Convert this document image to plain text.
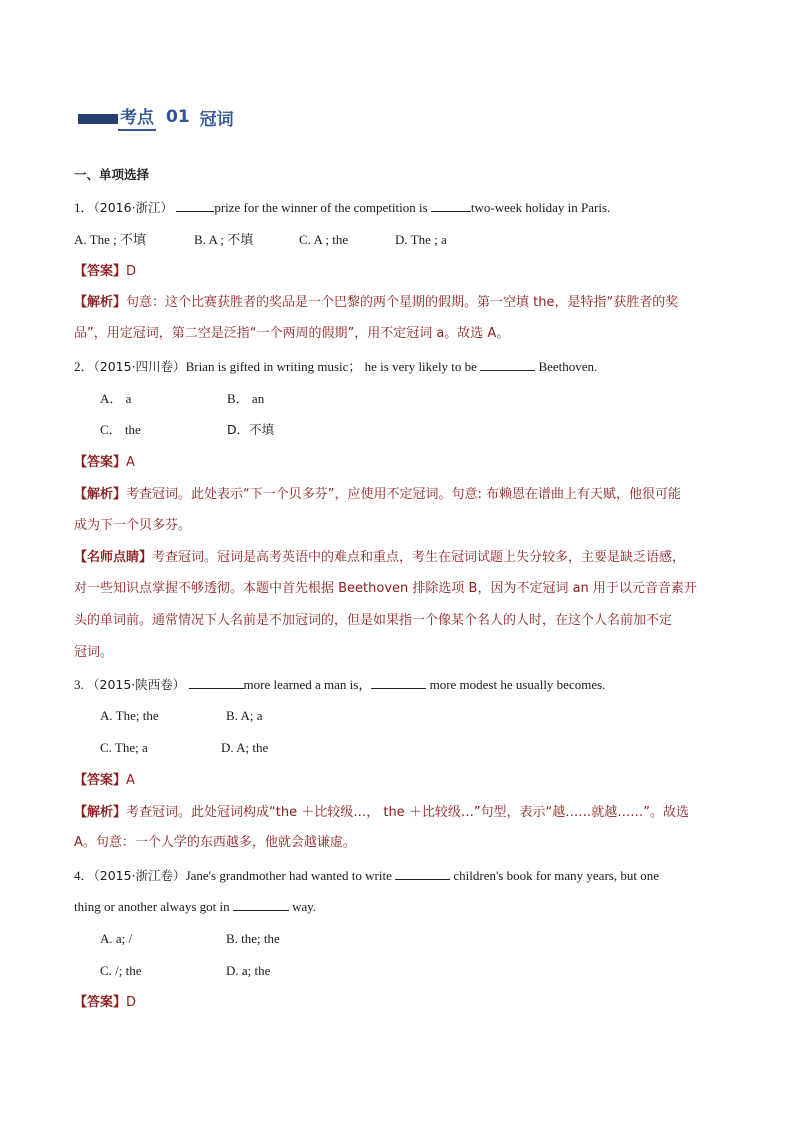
考点 01 冠词
一、单项选择
1．（2016·浙江）	prize for the winner of the competition is	two-week holiday in Paris.
A. The ; 不填	B. A ; 不填	C. A ; the	D. The ; a
【答案】D
【解析】句意：这个比赛获胜者的奖品是一个巴黎的两个星期的假期。第一空填 the，是特指“获胜者的奖
品”，用定冠词，第二空是泛指“一个两周的假期”，用不定冠词 a。故选 A。
2．（2015·四川卷）Brian is gifted in writing music； he is very likely to be	Beethoven.
A． a	B． an
C． the	D．不填
【答案】A
【解析】考查冠词。此处表示“下一个贝多芬”，应使用不定冠词。句意: 布赖恩在谱曲上有天赋，他很可能
成为下一个贝多芬。
【名师点睛】考查冠词。冠词是高考英语中的难点和重点，考生在冠词试题上失分较多，主要是缺乏语感，
对一些知识点掌握不够透彻。本题中首先根据 Beethoven 排除选项 B，因为不定冠词 an 用于以元音音素开
头的单词前。通常情况下人名前是不加冠词的，但是如果指一个像某个名人的人时，在这个人名前加不定
冠词。
3. （2015·陕西卷）	more learned a man is，	more modest he usually becomes.
A. The; the	B. A; a
C. The; a	D. A; the
【答案】A
【解析】考查冠词。此处冠词构成“the ＋比较级…， the ＋比较级…”句型，表示“越……就越……”。故选
A。句意：一个人学的东西越多，他就会越谦虚。
4．（2015·浙江卷）Jane's grandmother had wanted to write	children's book for many years, but one
thing or another always got in	way.
A. a; /	B. the; the
C. /; the	D. a; the
【答案】D
